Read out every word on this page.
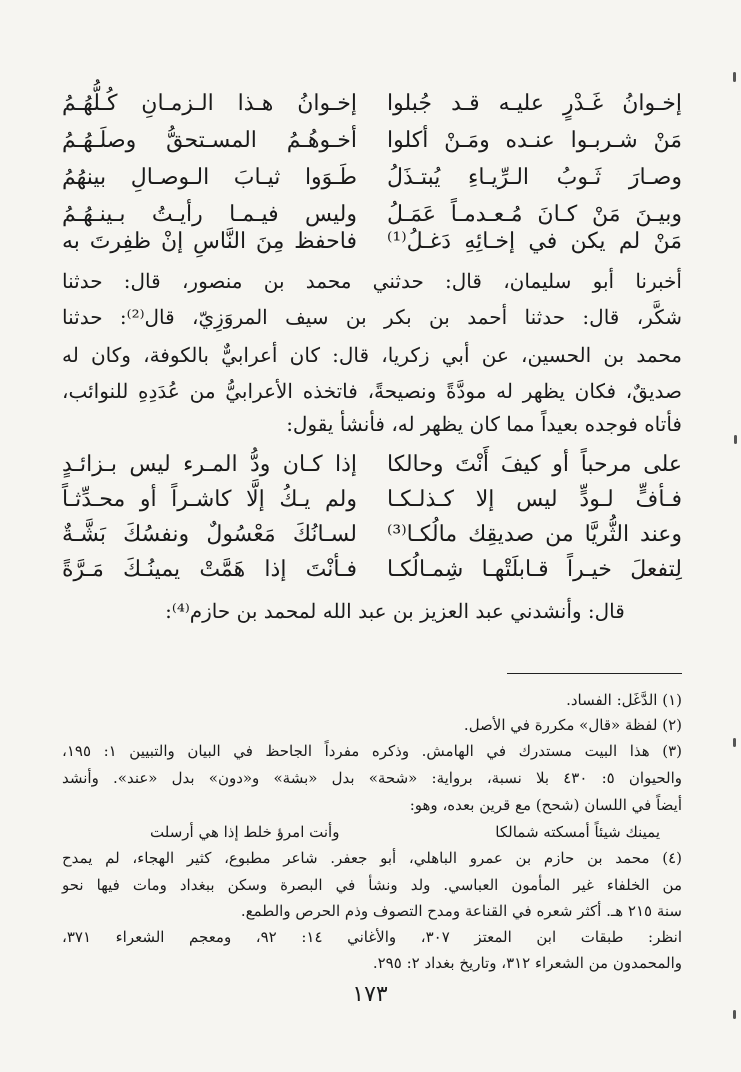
إخـوانُ هـذا الـزمـانِ كُـلُّهُـمُ إخـوانُ غَـدْرٍ عليـه قـد جُبلوا
أخـوهُـمُ المسـتحقُّ وصلَـهُـمُ مَنْ شـربـوا عنـده ومَـنْ أكلوا
طَـوَوا ثيـابَ الـوصـالِ بينهُمُ وصـارَ ثَـوبُ الـرِّيـاءِ يُبتـذَلُ
وليس فيـمـا رأيـتُ بـينـهُـمُ وبيـنَ مَنْ كـانَ مُـعـدمـاً عَمَـلُ
فاحفظ مِنَ النَّاسِ إنْ ظفِرتَ به مَنْ لم يكن في إخـائِهِ دَغـلُ⁽¹⁾
أخبرنا أبو سليمان، قال: حدثني محمد بن منصور، قال: حدثنا
شكَّر، قال: حدثنا أحمد بن بكر بن سيف المروَزِيّ، قال⁽²⁾: حدثنا
محمد بن الحسين، عن أبي زكريا، قال: كان أعرابيٌّ بالكوفة، وكان له
صديقٌ، فكان يظهر له مودَّةً ونصيحةً، فاتخذه الأعرابيُّ من عُدَدِهِ للنوائب،
فأتاه فوجده بعيداً مما كان يظهر له، فأنشأ يقول:
إذا كـان ودُّ المـرء ليس بـزائـدٍ على مرحباً أو كيفَ أَنْتَ وحالكا
ولم يـكُ إلَّا كاشـراً أو محـدِّثـاً فـأفٍّ لـودٍّ ليس إلا كـذلـكـا
لسـانُكَ مَعْسُولٌ ونفسُكَ بَشَّـةٌ وعند الثُّريَّا من صديقِك مالُكـا⁽³⁾
فـأنْتَ إذا هَمَّتْ يمينُـكَ مَـرَّةً لِتفعلَ خيـراً قـابلَتْهـا شِمـالُكـا
قال: وأنشدني عبد العزيز بن عبد الله لمحمد بن حازم⁽⁴⁾:
(١) الدَّغَل: الفساد.
(٢) لفظة «قال» مكررة في الأصل.
(٣) هذا البيت مستدرك في الهامش. وذكره مفرداً الجاحظ في البيان والتبيين ١: ١٩٥،
والحيوان ٥: ٤٣٠ بلا نسبة، برواية: «شحة» بدل «بشة» و«دون» بدل «عند». وأنشد
أيضاً في اللسان (شحح) مع قرين بعده، وهو:
وأنت امرؤ خلط إذا هي أرسلت	يمينك شيئاً أمسكته شمالكا
(٤) محمد بن حازم بن عمرو الباهلي، أبو جعفر. شاعر مطبوع، كثير الهجاء، لم يمدح
من الخلفاء غير المأمون العباسي. ولد ونشأ في البصرة وسكن ببغداد ومات فيها نحو
سنة ٢١٥ هـ. أكثر شعره في القناعة ومدح التصوف وذم الحرص والطمع.
انظر: طبقات ابن المعتز ٣٠٧، والأغاني ١٤: ٩٢، ومعجم الشعراء ٣٧١،
والمحمدون من الشعراء ٣١٢، وتاريخ بغداد ٢: ٢٩٥.
١٧٣
